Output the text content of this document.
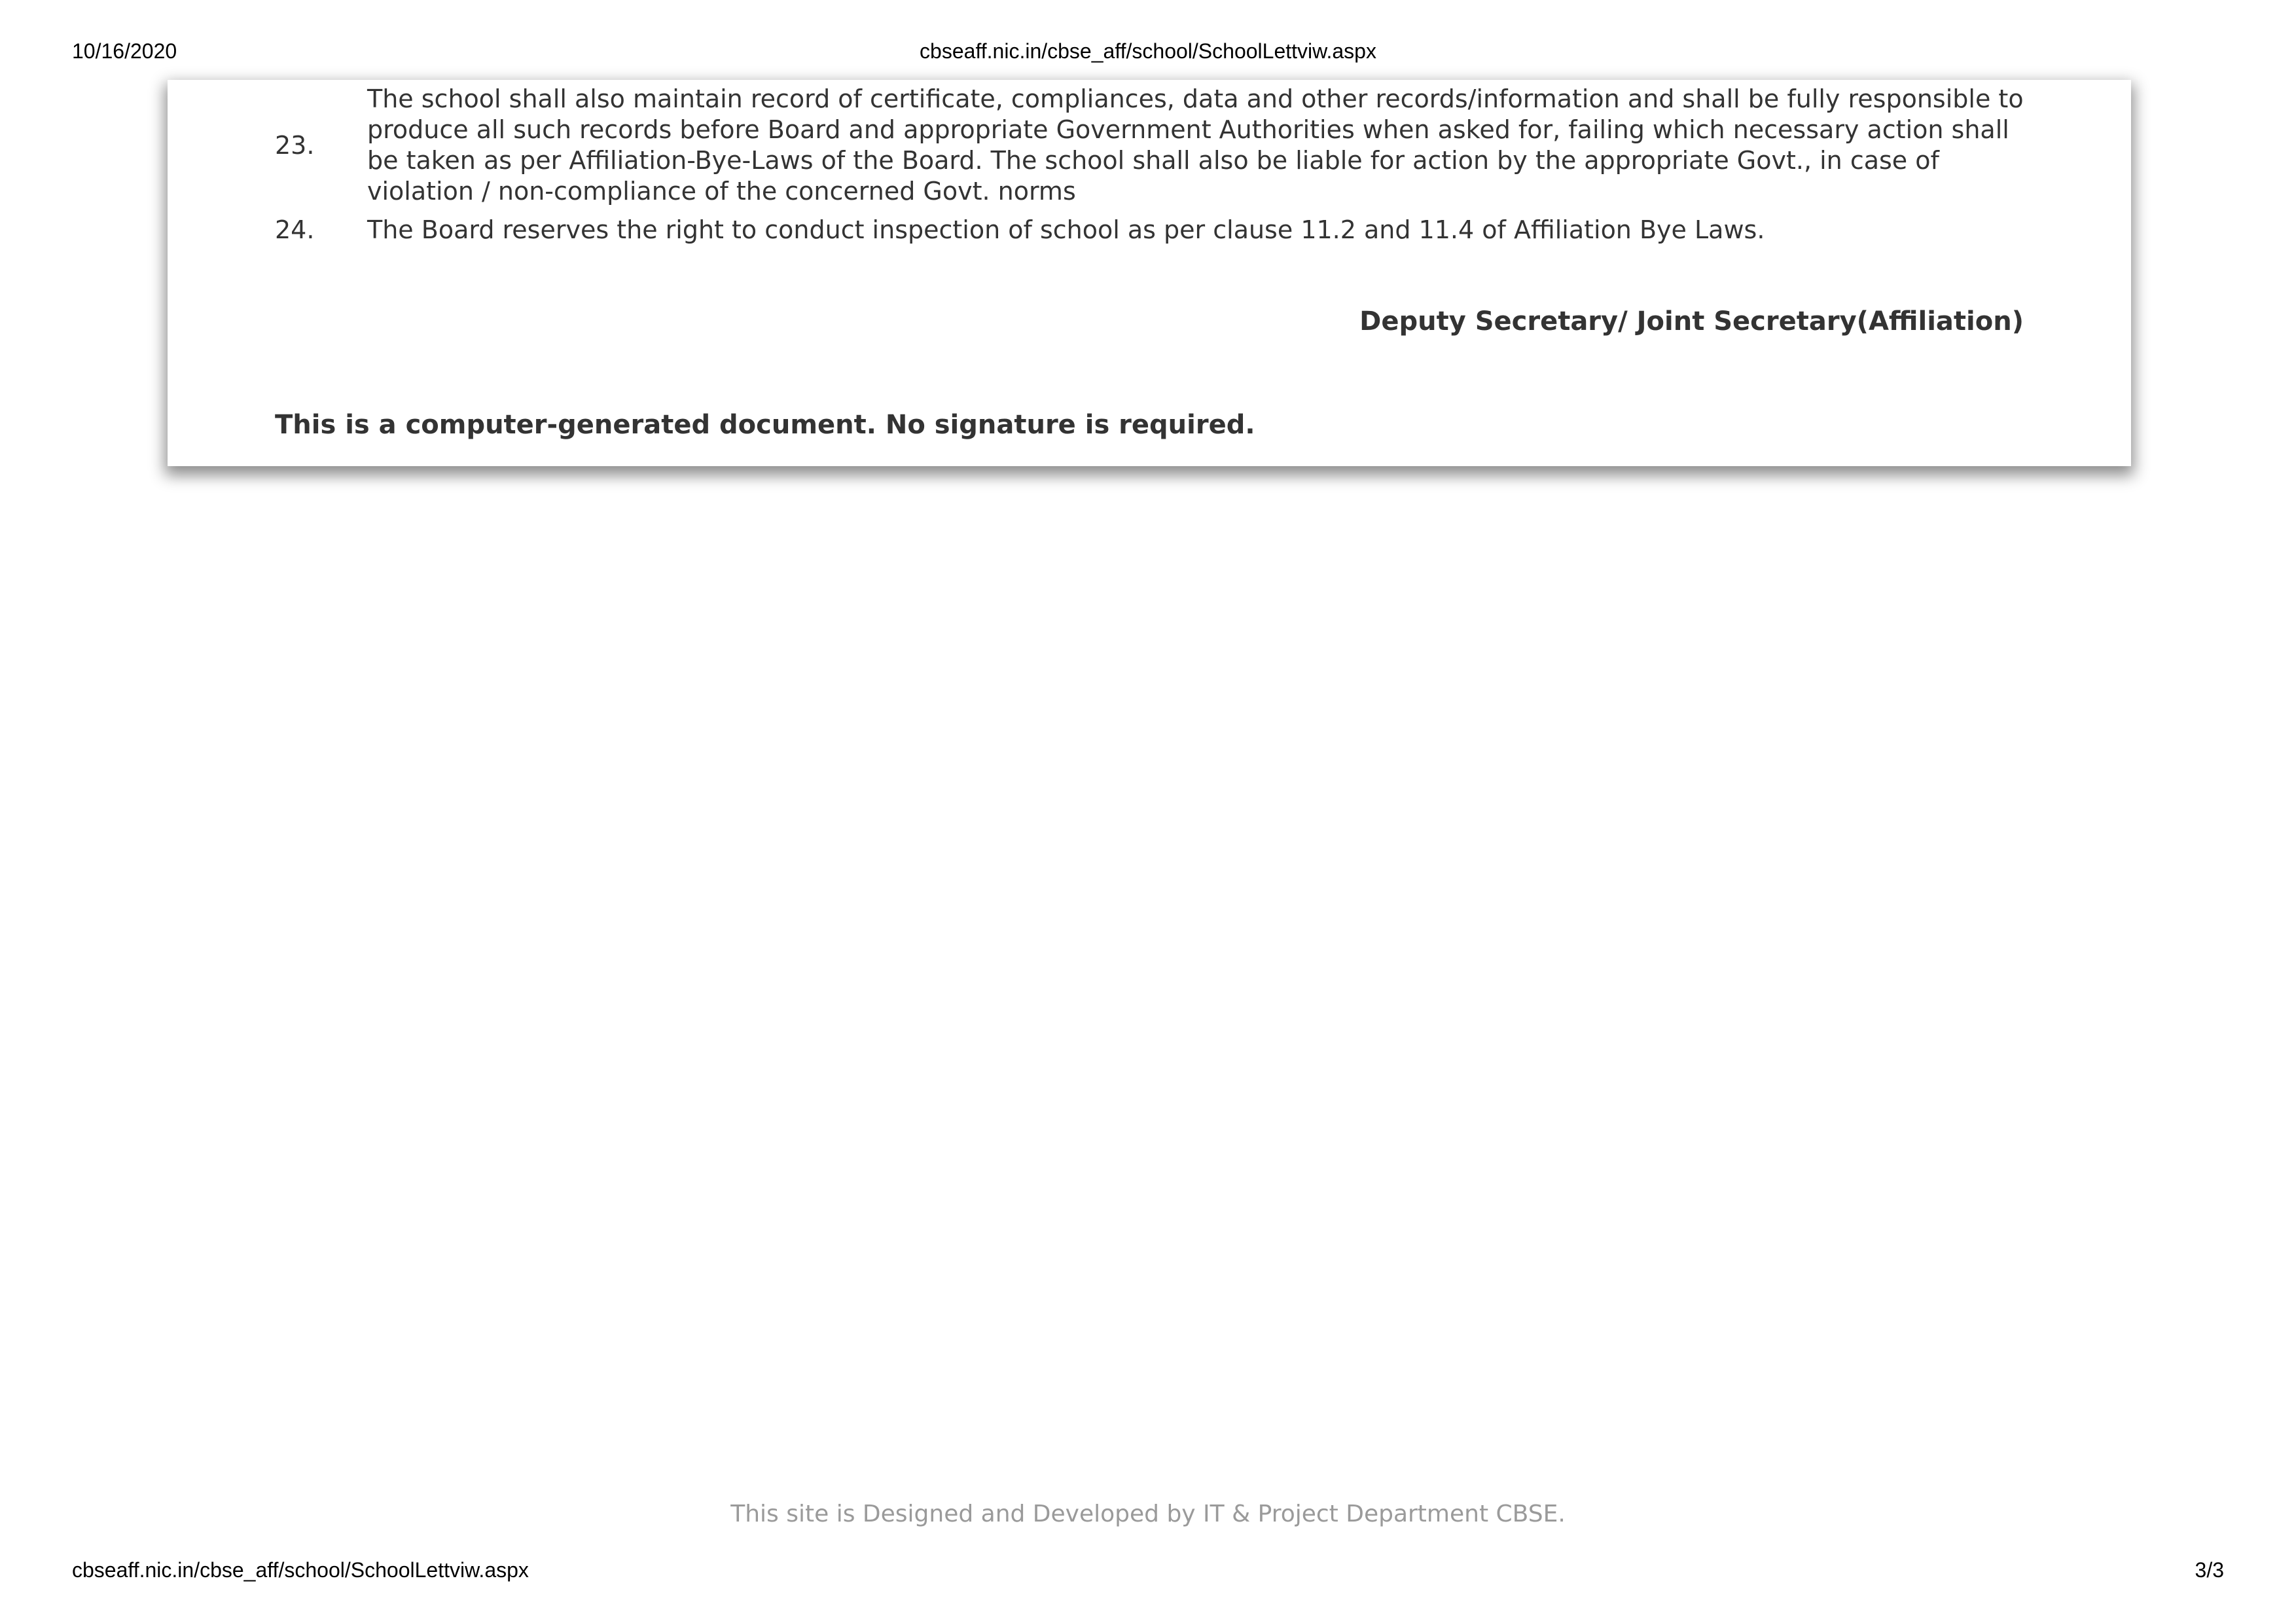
10/16/2020	cbseaff.nic.in/cbse_aff/school/SchoolLettviw.aspx
23.
The school shall also maintain record of certificate, compliances, data and other records/information and shall be fully responsible to produce all such records before Board and appropriate Government Authorities when asked for, failing which necessary action shall be taken as per Affiliation-Bye-Laws of the Board. The school shall also be liable for action by the appropriate Govt., in case of violation / non-compliance of the concerned Govt. norms
24.	The Board reserves the right to conduct inspection of school as per clause 11.2 and 11.4 of Affiliation Bye Laws.
Deputy Secretary/ Joint Secretary(Affiliation)
This is a computer-generated document. No signature is required.
This site is Designed and Developed by IT & Project Department CBSE.
cbseaff.nic.in/cbse_aff/school/SchoolLettviw.aspx	3/3
